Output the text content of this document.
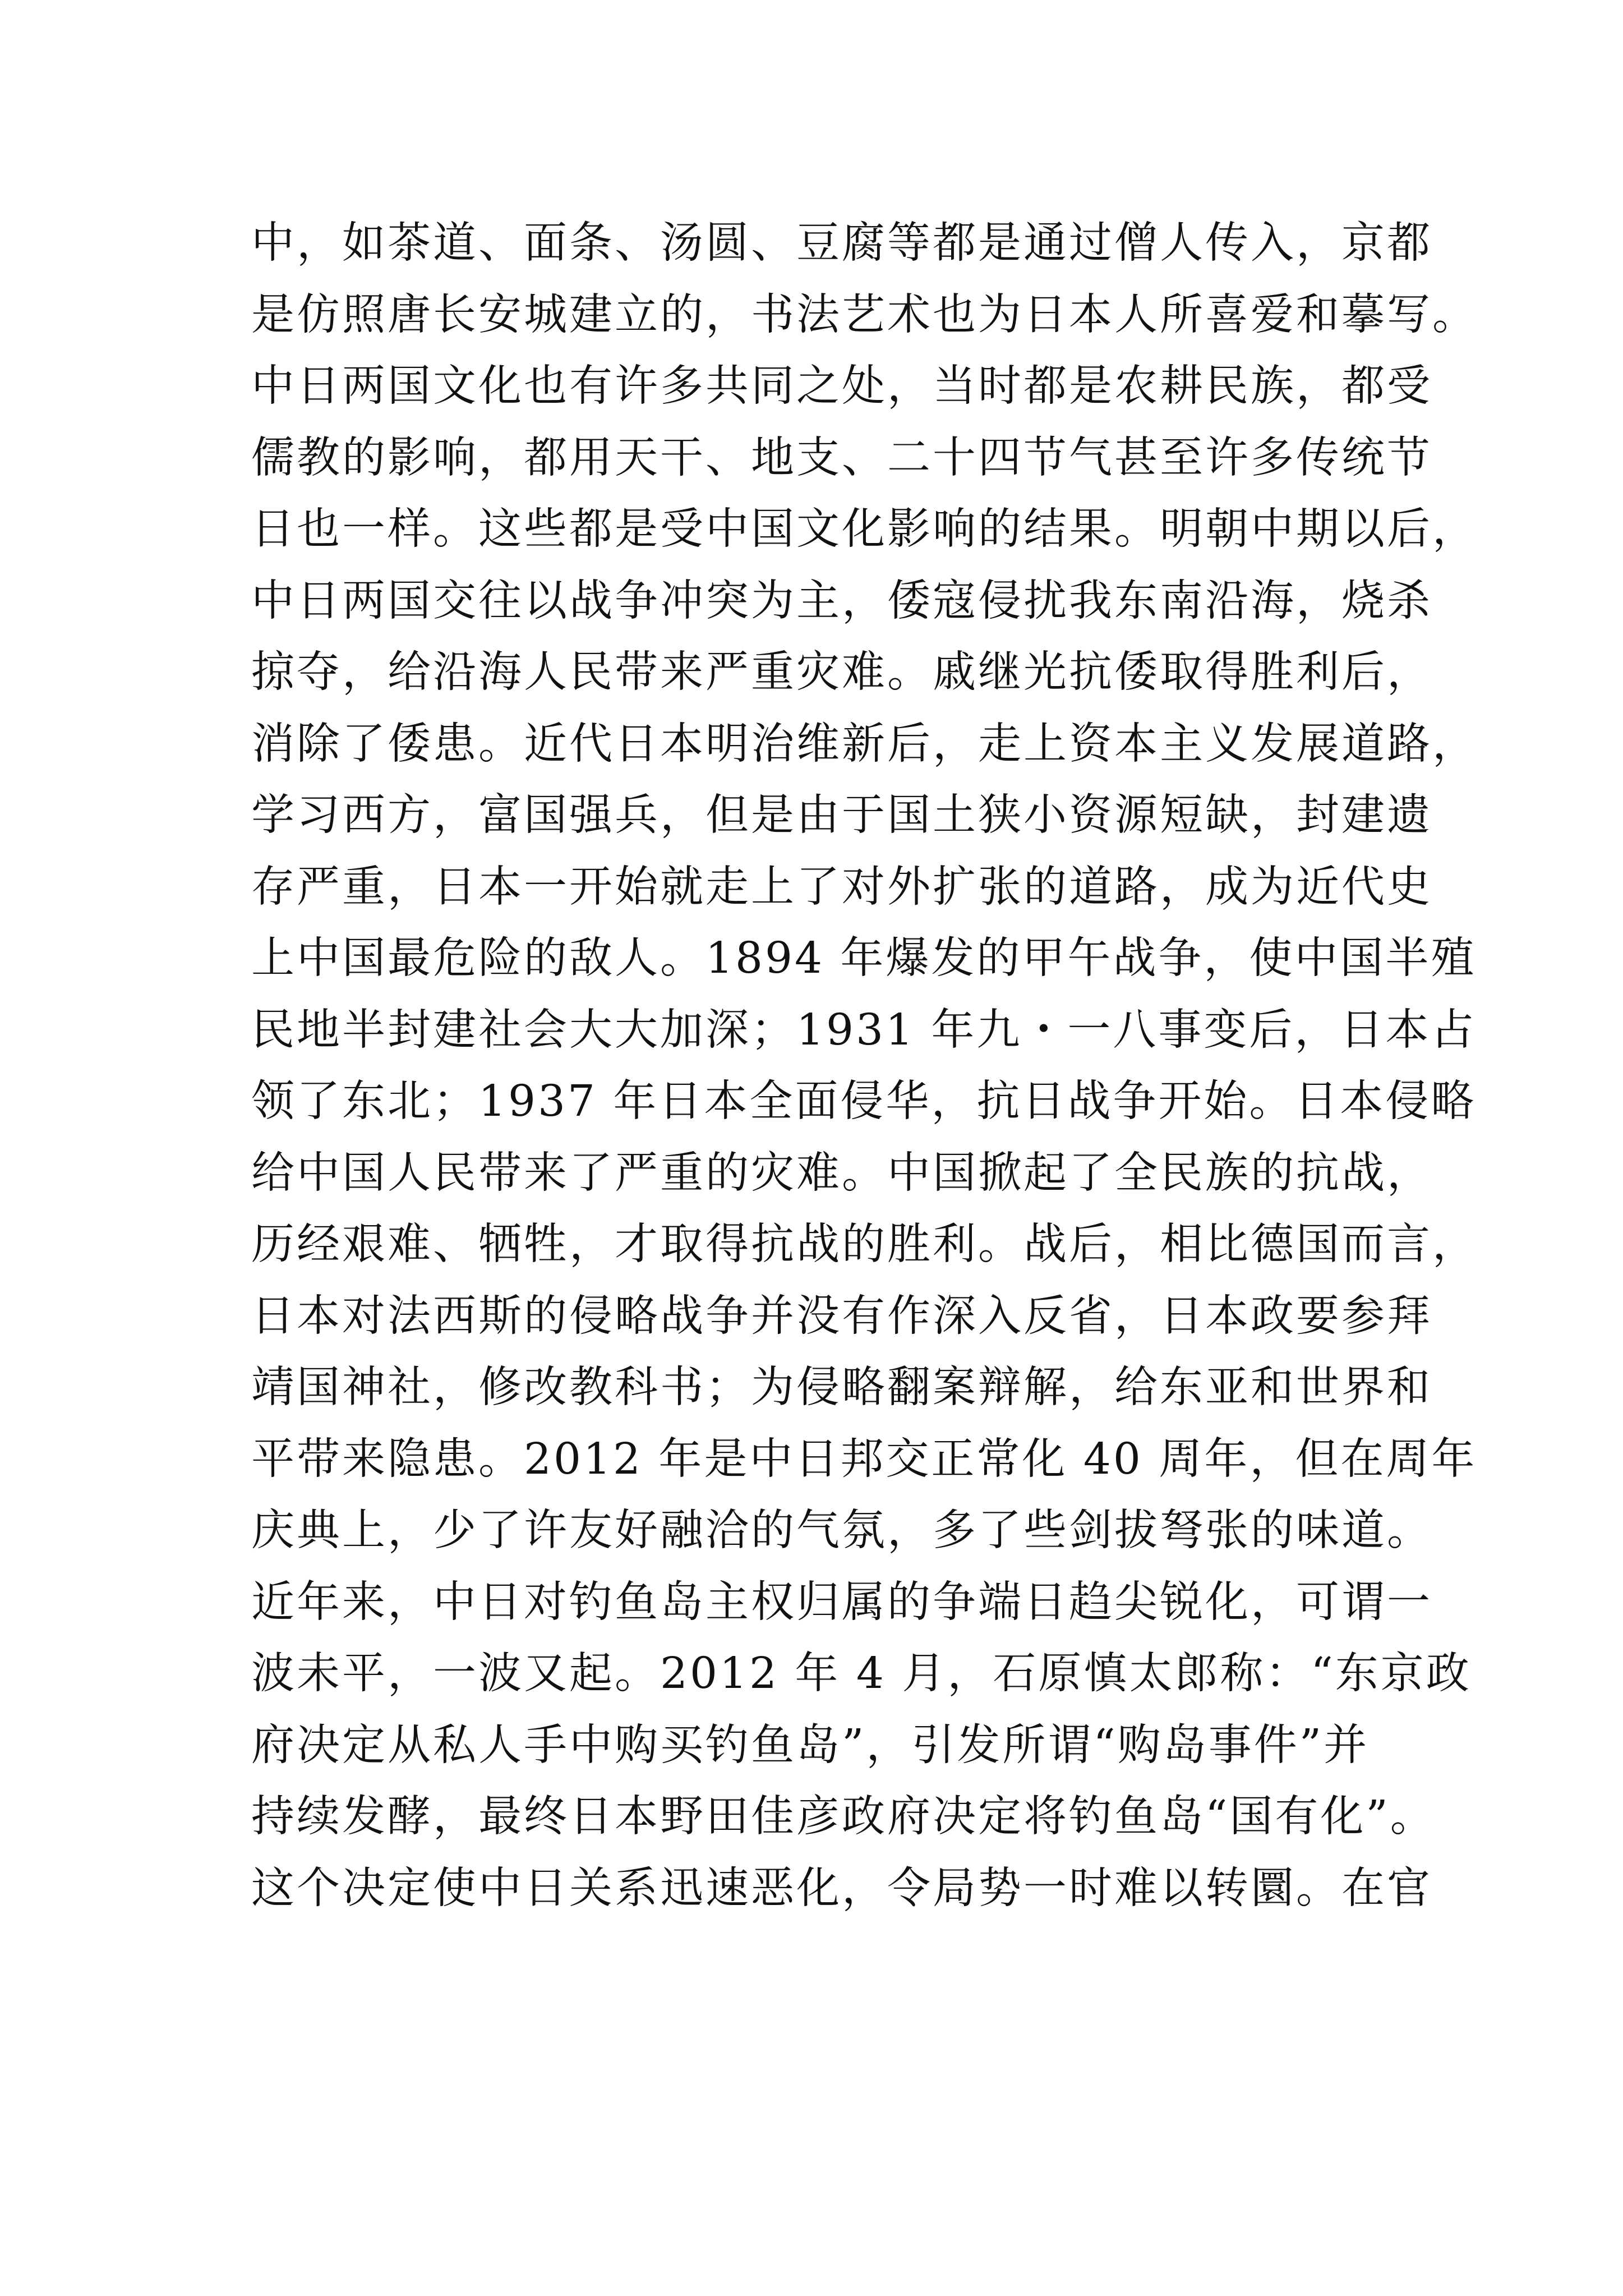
中，如茶道、面条、汤圆、豆腐等都是通过僧人传入，京都
是仿照唐长安城建立的，书法艺术也为日本人所喜爱和摹写。
中日两国文化也有许多共同之处，当时都是农耕民族，都受
儒教的影响，都用天干、地支、二十四节气甚至许多传统节
日也一样。这些都是受中国文化影响的结果。明朝中期以后，
中日两国交往以战争冲突为主，倭寇侵扰我东南沿海，烧杀
掠夺，给沿海人民带来严重灾难。戚继光抗倭取得胜利后，
消除了倭患。近代日本明治维新后，走上资本主义发展道路，
学习西方，富国强兵，但是由于国土狭小资源短缺，封建遗
存严重，日本一开始就走上了对外扩张的道路，成为近代史
上中国最危险的敌人。1894 年爆发的甲午战争，使中国半殖
民地半封建社会大大加深；1931 年九・一八事变后，日本占
领了东北；1937 年日本全面侵华，抗日战争开始。日本侵略
给中国人民带来了严重的灾难。中国掀起了全民族的抗战，
历经艰难、牺牲，才取得抗战的胜利。战后，相比德国而言，
日本对法西斯的侵略战争并没有作深入反省，日本政要参拜
靖国神社，修改教科书；为侵略翻案辩解，给东亚和世界和
平带来隐患。2012 年是中日邦交正常化 40 周年，但在周年
庆典上，少了许友好融洽的气氛，多了些剑拔弩张的味道。
近年来，中日对钓鱼岛主权归属的争端日趋尖锐化，可谓一
波未平，一波又起。2012 年 4 月，石原慎太郎称：“东京政
府决定从私人手中购买钓鱼岛”，引发所谓“购岛事件”并
持续发酵，最终日本野田佳彦政府决定将钓鱼岛“国有化”。
这个决定使中日关系迅速恶化，令局势一时难以转圜。在官
